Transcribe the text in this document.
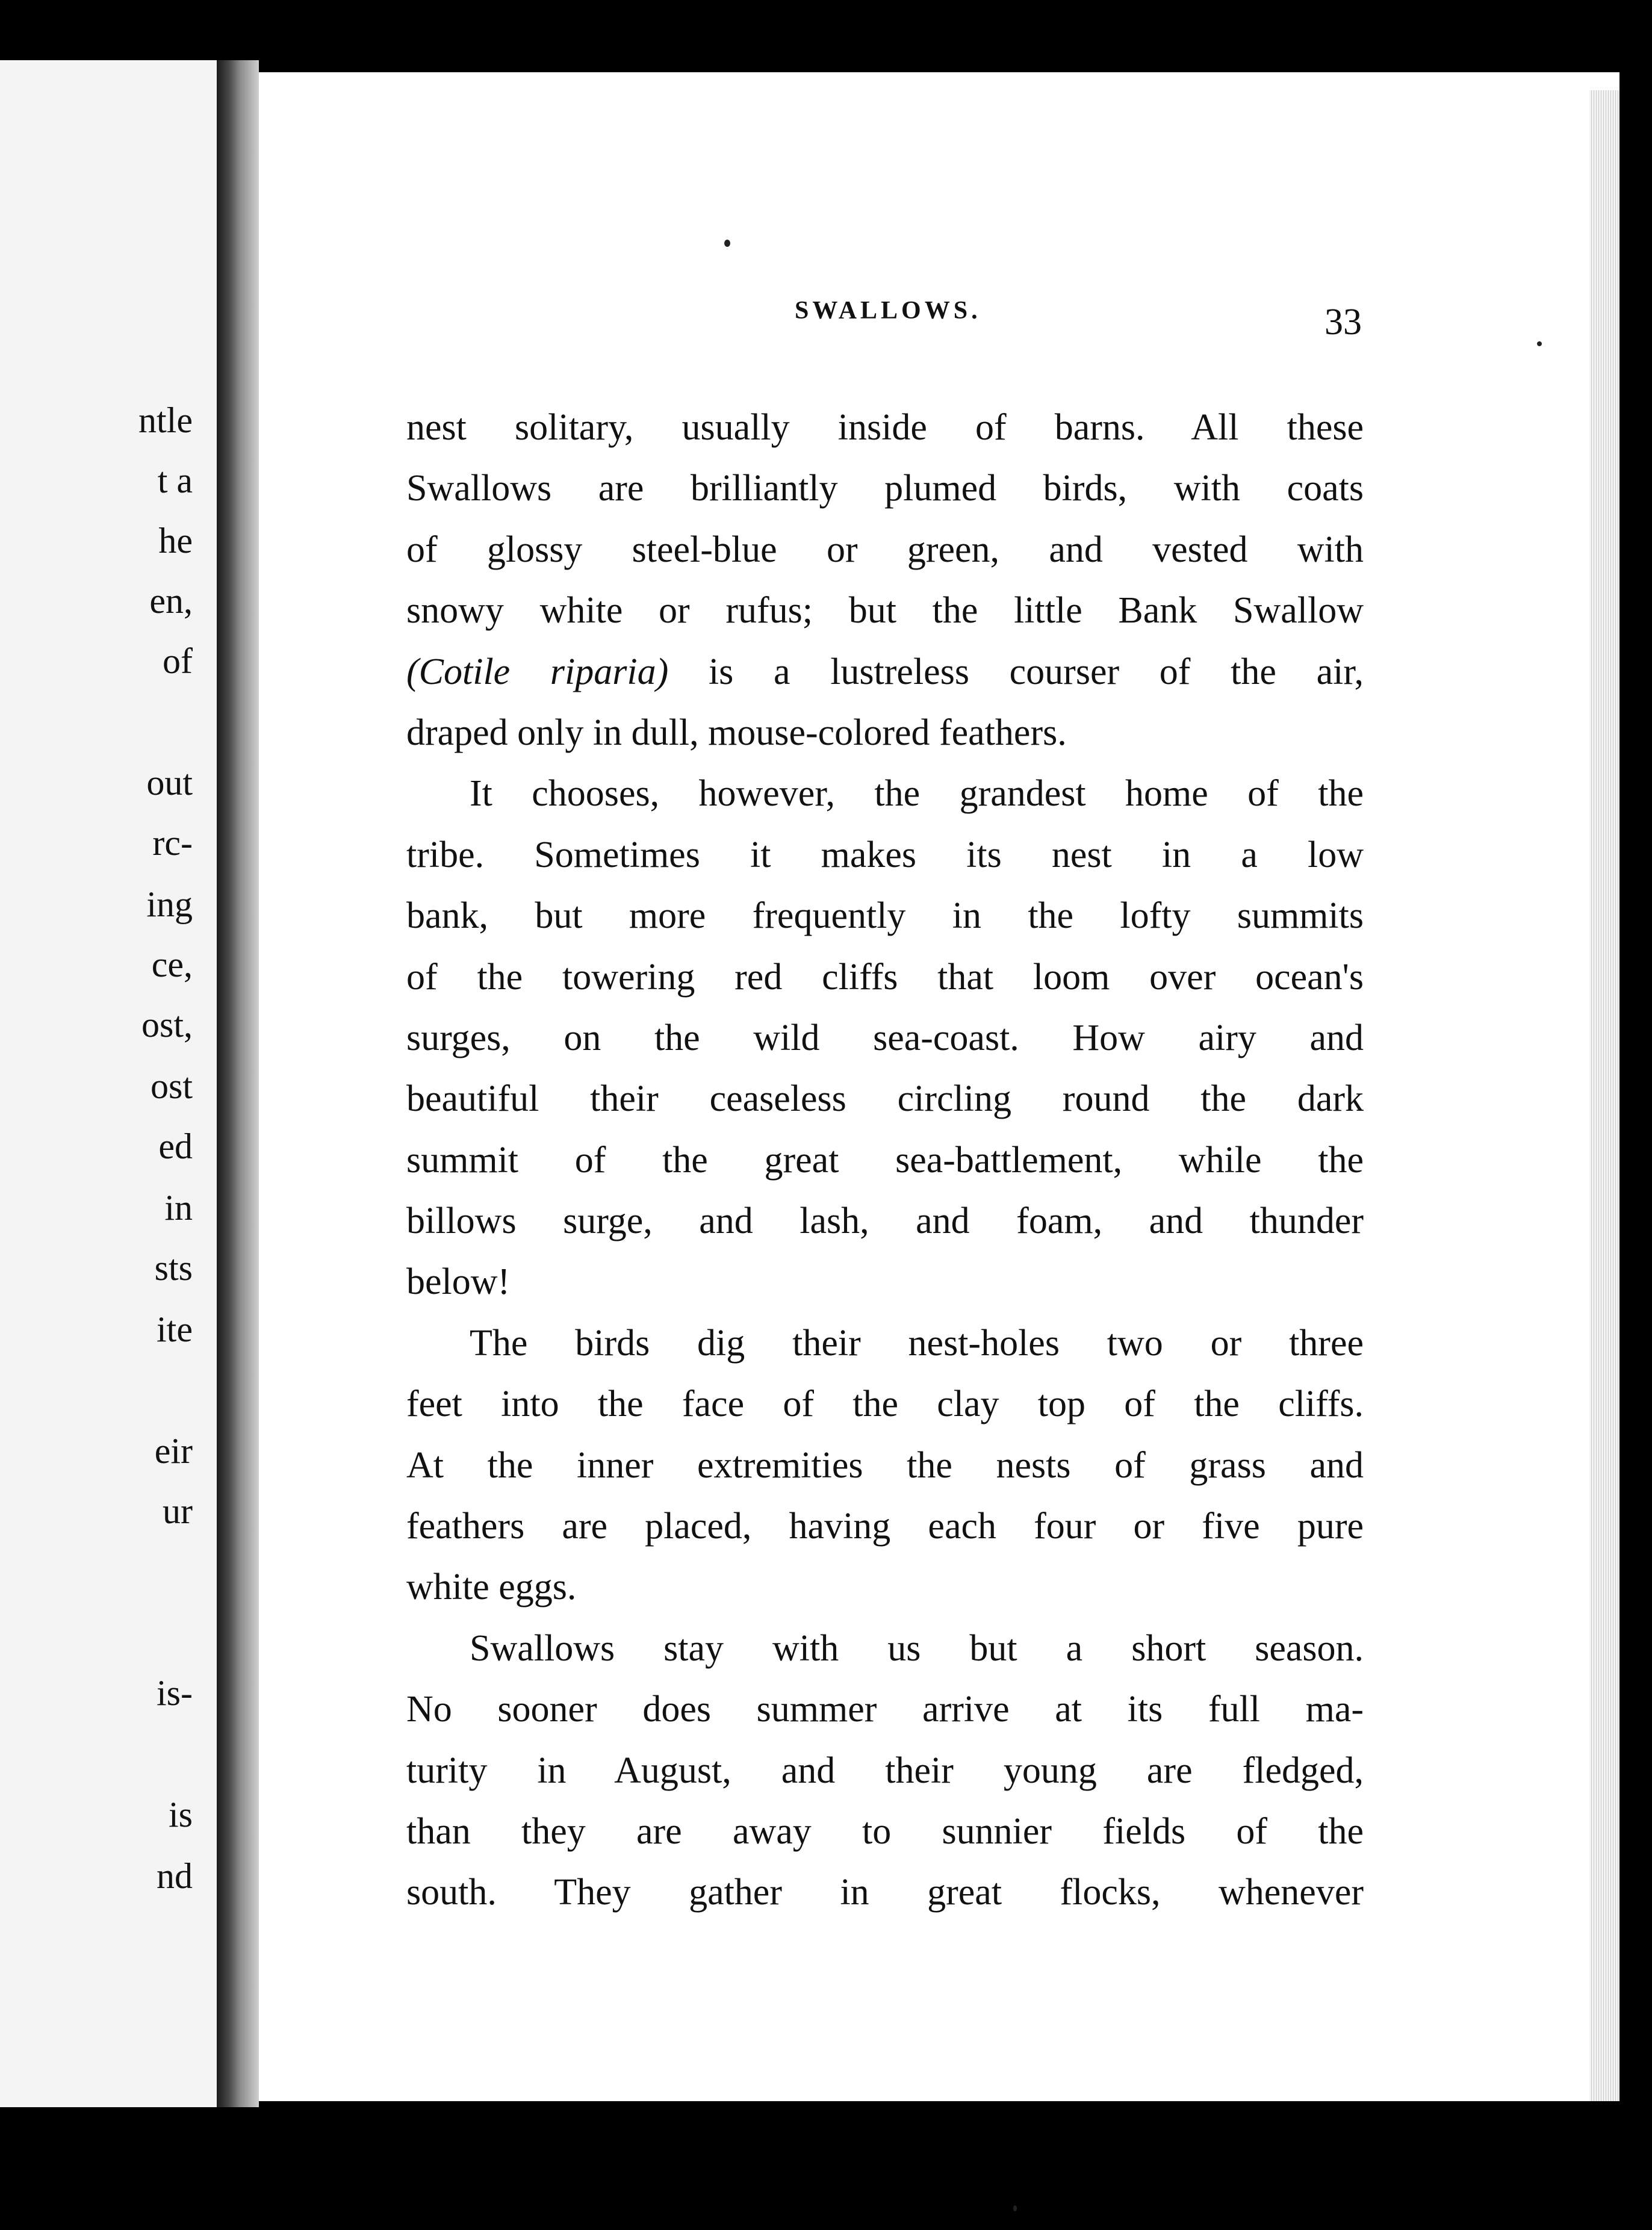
ntle
t a
he
en,
of
out
rc-
ing
ce,
ost,
ost
ed
in
sts
ite
eir
ur
is-
is
nd
SWALLOWS.	33
nest solitary, usually inside of barns. All these
Swallows are brilliantly plumed birds, with coats
of glossy steel-blue or green, and vested with
snowy white or rufus; but the little Bank Swallow
(Cotile riparia) is a lustreless courser of the air,
draped only in dull, mouse-colored feathers.
It chooses, however, the grandest home of the
tribe. Sometimes it makes its nest in a low
bank, but more frequently in the lofty summits
of the towering red cliffs that loom over ocean's
surges, on the wild sea-coast. How airy and
beautiful their ceaseless circling round the dark
summit of the great sea-battlement, while the
billows surge, and lash, and foam, and thunder
below!
The birds dig their nest-holes two or three
feet into the face of the clay top of the cliffs.
At the inner extremities the nests of grass and
feathers are placed, having each four or five pure
white eggs.
Swallows stay with us but a short season.
No sooner does summer arrive at its full ma-
turity in August, and their young are fledged,
than they are away to sunnier fields of the
south. They gather in great flocks, whenever
